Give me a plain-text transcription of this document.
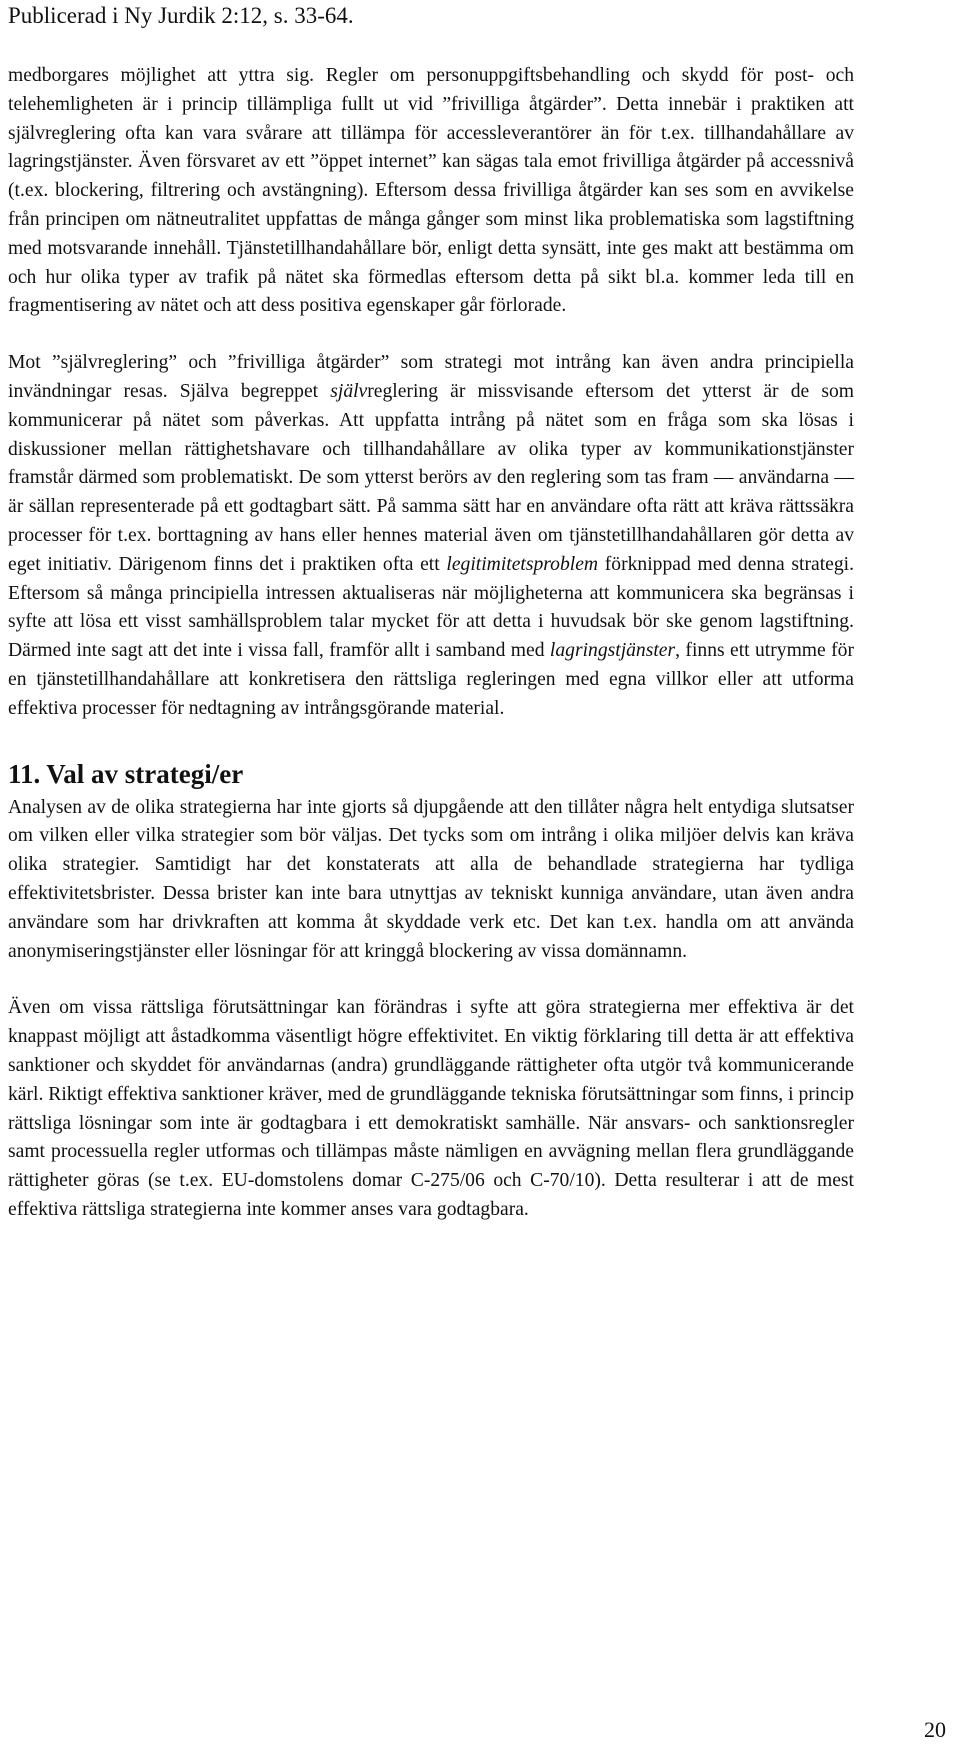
Publicerad i Ny Jurdik 2:12, s. 33-64.

medborgares möjlighet att yttra sig. Regler om personuppgiftsbehandling och skydd för post- och telehemligheten är i princip tillämpliga fullt ut vid ”frivilliga åtgärder”. Detta innebär i praktiken att självreglering ofta kan vara svårare att tillämpa för accessleverantörer än för t.ex. tillhandahållare av lagringstjänster. Även försvaret av ett ”öppet internet” kan sägas tala emot frivilliga åtgärder på accessnivå (t.ex. blockering, filtrering och avstängning). Eftersom dessa frivilliga åtgärder kan ses som en avvikelse från principen om nätneutralitet uppfattas de många gånger som minst lika problematiska som lagstiftning med motsvarande innehåll. Tjänstetillhandahållare bör, enligt detta synsätt, inte ges makt att bestämma om och hur olika typer av trafik på nätet ska förmedlas eftersom detta på sikt bl.a. kommer leda till en fragmentisering av nätet och att dess positiva egenskaper går förlorade.

Mot ”självreglering” och ”frivilliga åtgärder” som strategi mot intrång kan även andra principiella invändningar resas. Själva begreppet självreglering är missvisande eftersom det ytterst är de som kommunicerar på nätet som påverkas. Att uppfatta intrång på nätet som en fråga som ska lösas i diskussioner mellan rättighetshavare och tillhandahållare av olika typer av kommunikationstjänster framstår därmed som problematiskt. De som ytterst berörs av den reglering som tas fram — användarna — är sällan representerade på ett godtagbart sätt. På samma sätt har en användare ofta rätt att kräva rättssäkra processer för t.ex. borttagning av hans eller hennes material även om tjänstetillhandahållaren gör detta av eget initiativ. Därigenom finns det i praktiken ofta ett legitimitetsproblem förknippad med denna strategi. Eftersom så många principiella intressen aktualiseras när möjligheterna att kommunicera ska begränsas i syfte att lösa ett visst samhällsproblem talar mycket för att detta i huvudsak bör ske genom lagstiftning. Därmed inte sagt att det inte i vissa fall, framför allt i samband med lagringstjänster, finns ett utrymme för en tjänstetillhandahållare att konkretisera den rättsliga regleringen med egna villkor eller att utforma effektiva processer för nedtagning av intrångsgörande material.

11. Val av strategi/er

Analysen av de olika strategierna har inte gjorts så djupgående att den tillåter några helt entydiga slutsatser om vilken eller vilka strategier som bör väljas. Det tycks som om intrång i olika miljöer delvis kan kräva olika strategier. Samtidigt har det konstaterats att alla de behandlade strategierna har tydliga effektivitetsbrister. Dessa brister kan inte bara utnyttjas av tekniskt kunniga användare, utan även andra användare som har drivkraften att komma åt skyddade verk etc. Det kan t.ex. handla om att använda anonymiseringstjänster eller lösningar för att kringgå blockering av vissa domännamn.

Även om vissa rättsliga förutsättningar kan förändras i syfte att göra strategierna mer effektiva är det knappast möjligt att åstadkomma väsentligt högre effektivitet. En viktig förklaring till detta är att effektiva sanktioner och skyddet för användarnas (andra) grundläggande rättigheter ofta utgör två kommunicerande kärl. Riktigt effektiva sanktioner kräver, med de grundläggande tekniska förutsättningar som finns, i princip rättsliga lösningar som inte är godtagbara i ett demokratiskt samhälle. När ansvars- och sanktionsregler samt processuella regler utformas och tillämpas måste nämligen en avvägning mellan flera grundläggande rättigheter göras (se t.ex. EU-domstolens domar C-275/06 och C-70/10). Detta resulterar i att de mest effektiva rättsliga strategierna inte kommer anses vara godtagbara.

20
